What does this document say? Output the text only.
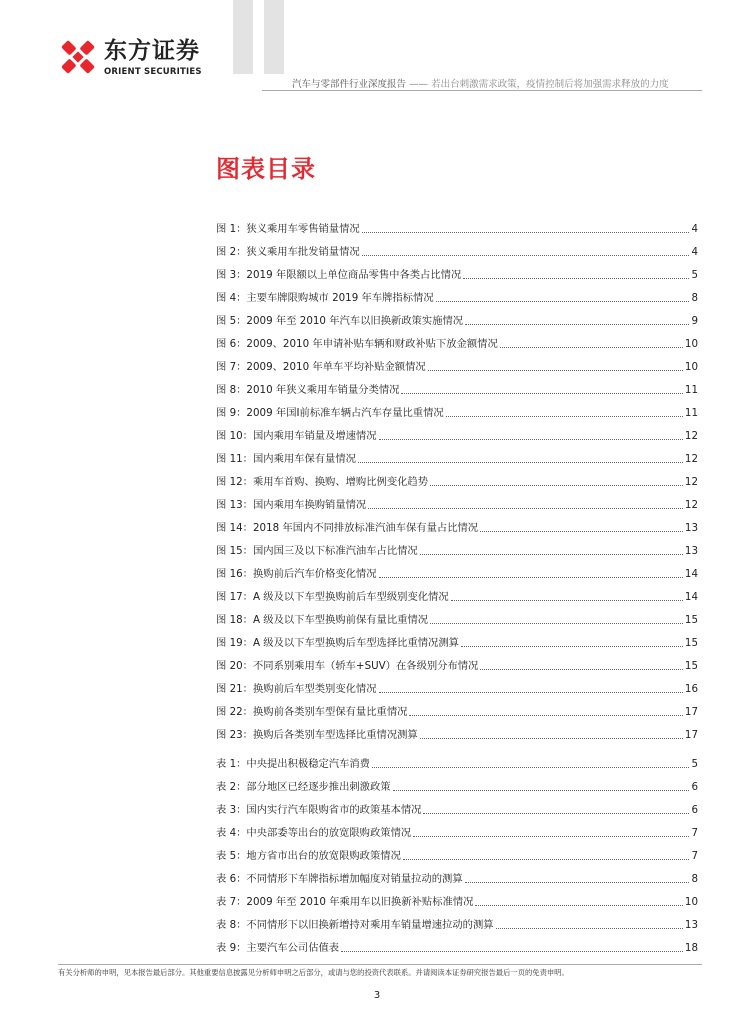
东方证券
ORIENT SECURITIES
汽车与零部件行业深度报告 —— 若出台刺激需求政策，疫情控制后将加强需求释放的力度
图表目录
图 1：狭义乘用车零售销量情况	4
图 2：狭义乘用车批发销量情况	4
图 3：2019 年限额以上单位商品零售中各类占比情况	5
图 4：主要车牌限购城市 2019 年车牌指标情况	8
图 5：2009 年至 2010 年汽车以旧换新政策实施情况	9
图 6：2009、2010 年申请补贴车辆和财政补贴下放金额情况	10
图 7：2009、2010 年单车平均补贴金额情况	10
图 8：2010 年狭义乘用车销量分类情况	11
图 9：2009 年国Ⅰ前标准车辆占汽车存量比重情况	11
图 10：国内乘用车销量及增速情况	12
图 11：国内乘用车保有量情况	12
图 12：乘用车首购、换购、增购比例变化趋势	12
图 13：国内乘用车换购销量情况	12
图 14：2018 年国内不同排放标准汽油车保有量占比情况	13
图 15：国内国三及以下标准汽油车占比情况	13
图 16：换购前后汽车价格变化情况	14
图 17：A 级及以下车型换购前后车型级别变化情况	14
图 18：A 级及以下车型换购前保有量比重情况	15
图 19：A 级及以下车型换购后车型选择比重情况测算	15
图 20：不同系别乘用车（轿车+SUV）在各级别分布情况	15
图 21：换购前后车型类别变化情况	16
图 22：换购前各类别车型保有量比重情况	17
图 23：换购后各类别车型选择比重情况测算	17
表 1：中央提出积极稳定汽车消费	5
表 2：部分地区已经逐步推出刺激政策	6
表 3：国内实行汽车限购省市的政策基本情况	6
表 4：中央部委等出台的放宽限购政策情况	7
表 5：地方省市出台的放宽限购政策情况	7
表 6：不同情形下车牌指标增加幅度对销量拉动的测算	8
表 7：2009 年至 2010 年乘用车以旧换新补贴标准情况	10
表 8：不同情形下以旧换新增持对乘用车销量增速拉动的测算	13
表 9：主要汽车公司估值表	18
有关分析师的申明，见本报告最后部分。其他重要信息披露见分析师申明之后部分，或请与您的投资代表联系。并请阅读本证券研究报告最后一页的免责申明。
3
